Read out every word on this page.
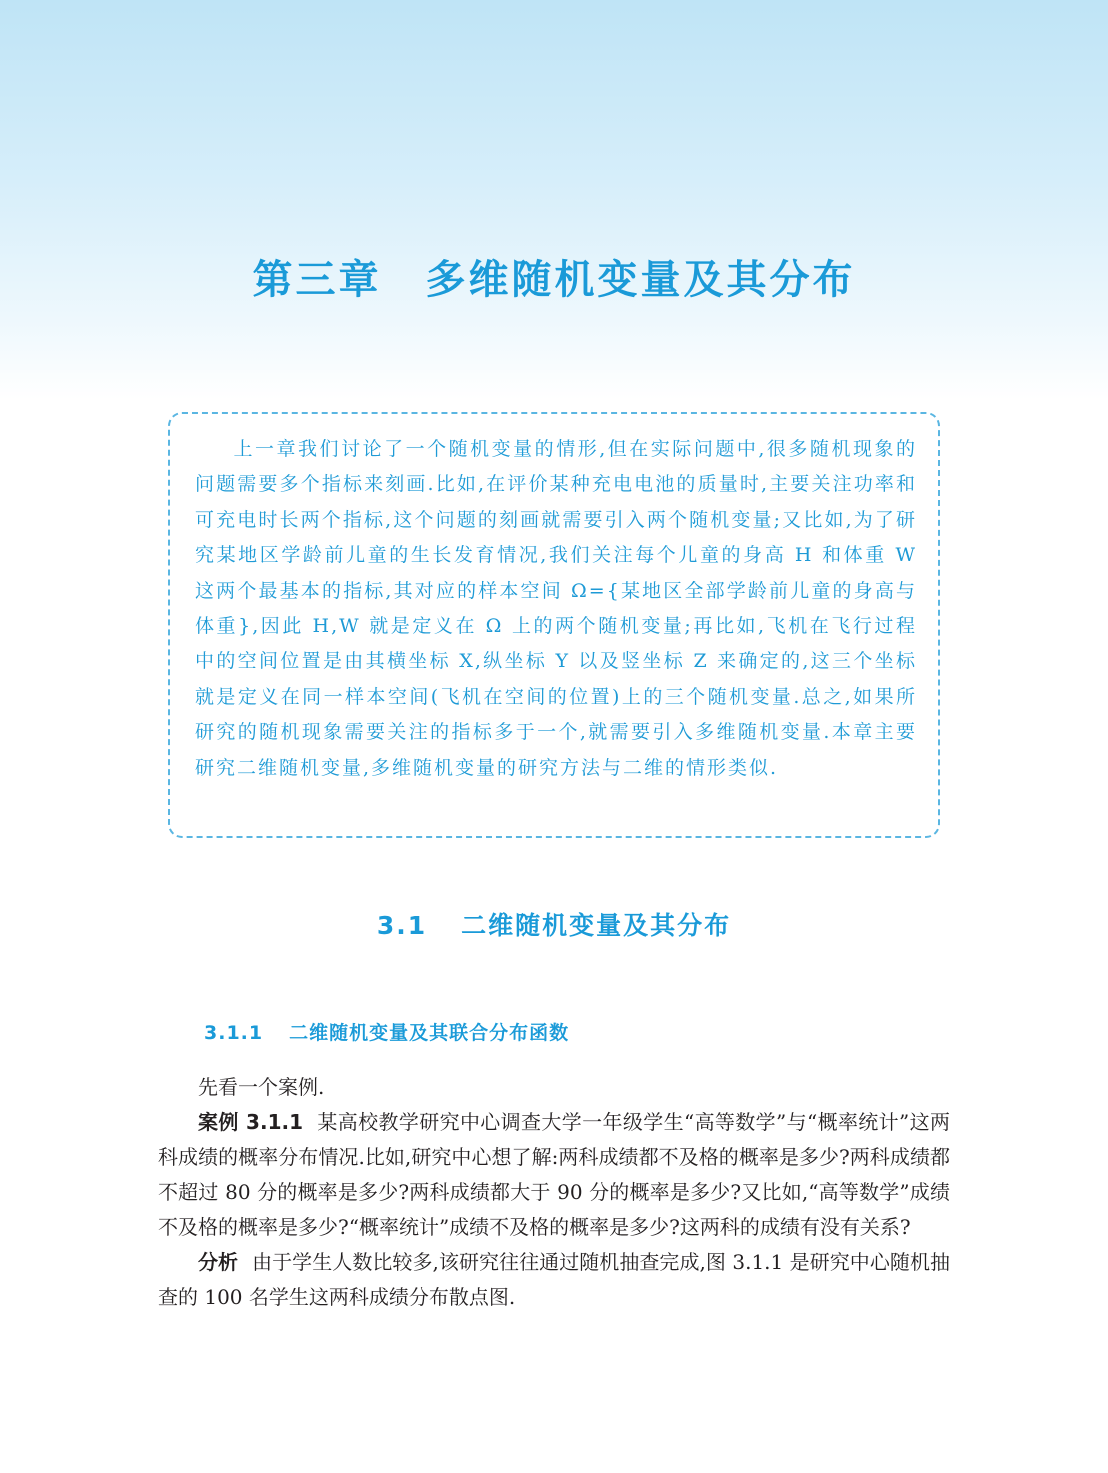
第三章 多维随机变量及其分布
上一章我们讨论了一个随机变量的情形,但在实际问题中,很多随机现象的问题需要多个指标来刻画.比如,在评价某种充电电池的质量时,主要关注功率和可充电时长两个指标,这个问题的刻画就需要引入两个随机变量;又比如,为了研究某地区学龄前儿童的生长发育情况,我们关注每个儿童的身高 H 和体重 W 这两个最基本的指标,其对应的样本空间 Ω={某地区全部学龄前儿童的身高与体重},因此 H,W 就是定义在 Ω 上的两个随机变量;再比如,飞机在飞行过程中的空间位置是由其横坐标 X,纵坐标 Y 以及竖坐标 Z 来确定的,这三个坐标就是定义在同一样本空间(飞机在空间的位置)上的三个随机变量.总之,如果所研究的随机现象需要关注的指标多于一个,就需要引入多维随机变量.本章主要研究二维随机变量,多维随机变量的研究方法与二维的情形类似.
3.1 二维随机变量及其分布
3.1.1 二维随机变量及其联合分布函数

先看一个案例.

案例 3.1.1 某高校教学研究中心调查大学一年级学生“高等数学”与“概率统计”这两科成绩的概率分布情况.比如,研究中心想了解:两科成绩都不及格的概率是多少?两科成绩都不超过 80 分的概率是多少?两科成绩都大于 90 分的概率是多少?又比如,“高等数学”成绩不及格的概率是多少?“概率统计”成绩不及格的概率是多少?这两科的成绩有没有关系?

分析 由于学生人数比较多,该研究往往通过随机抽查完成,图 3.1.1 是研究中心随机抽查的 100 名学生这两科成绩分布散点图.
